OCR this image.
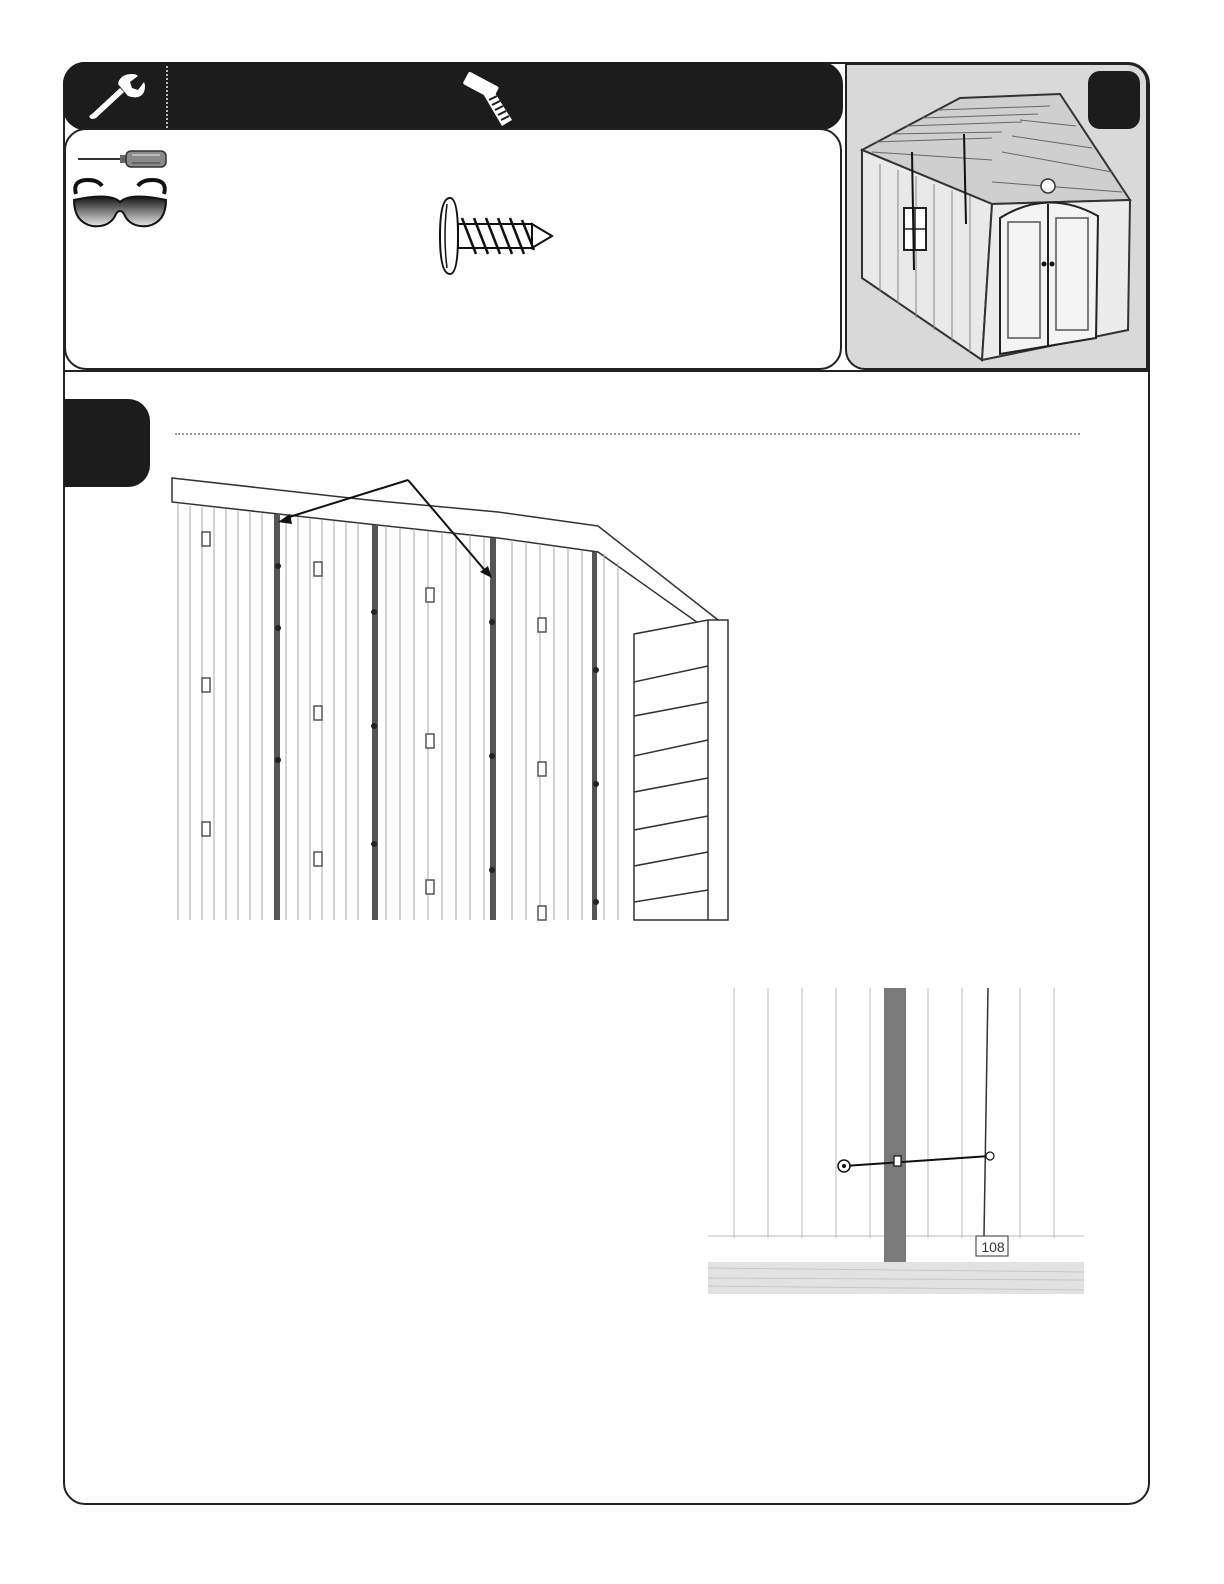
108
